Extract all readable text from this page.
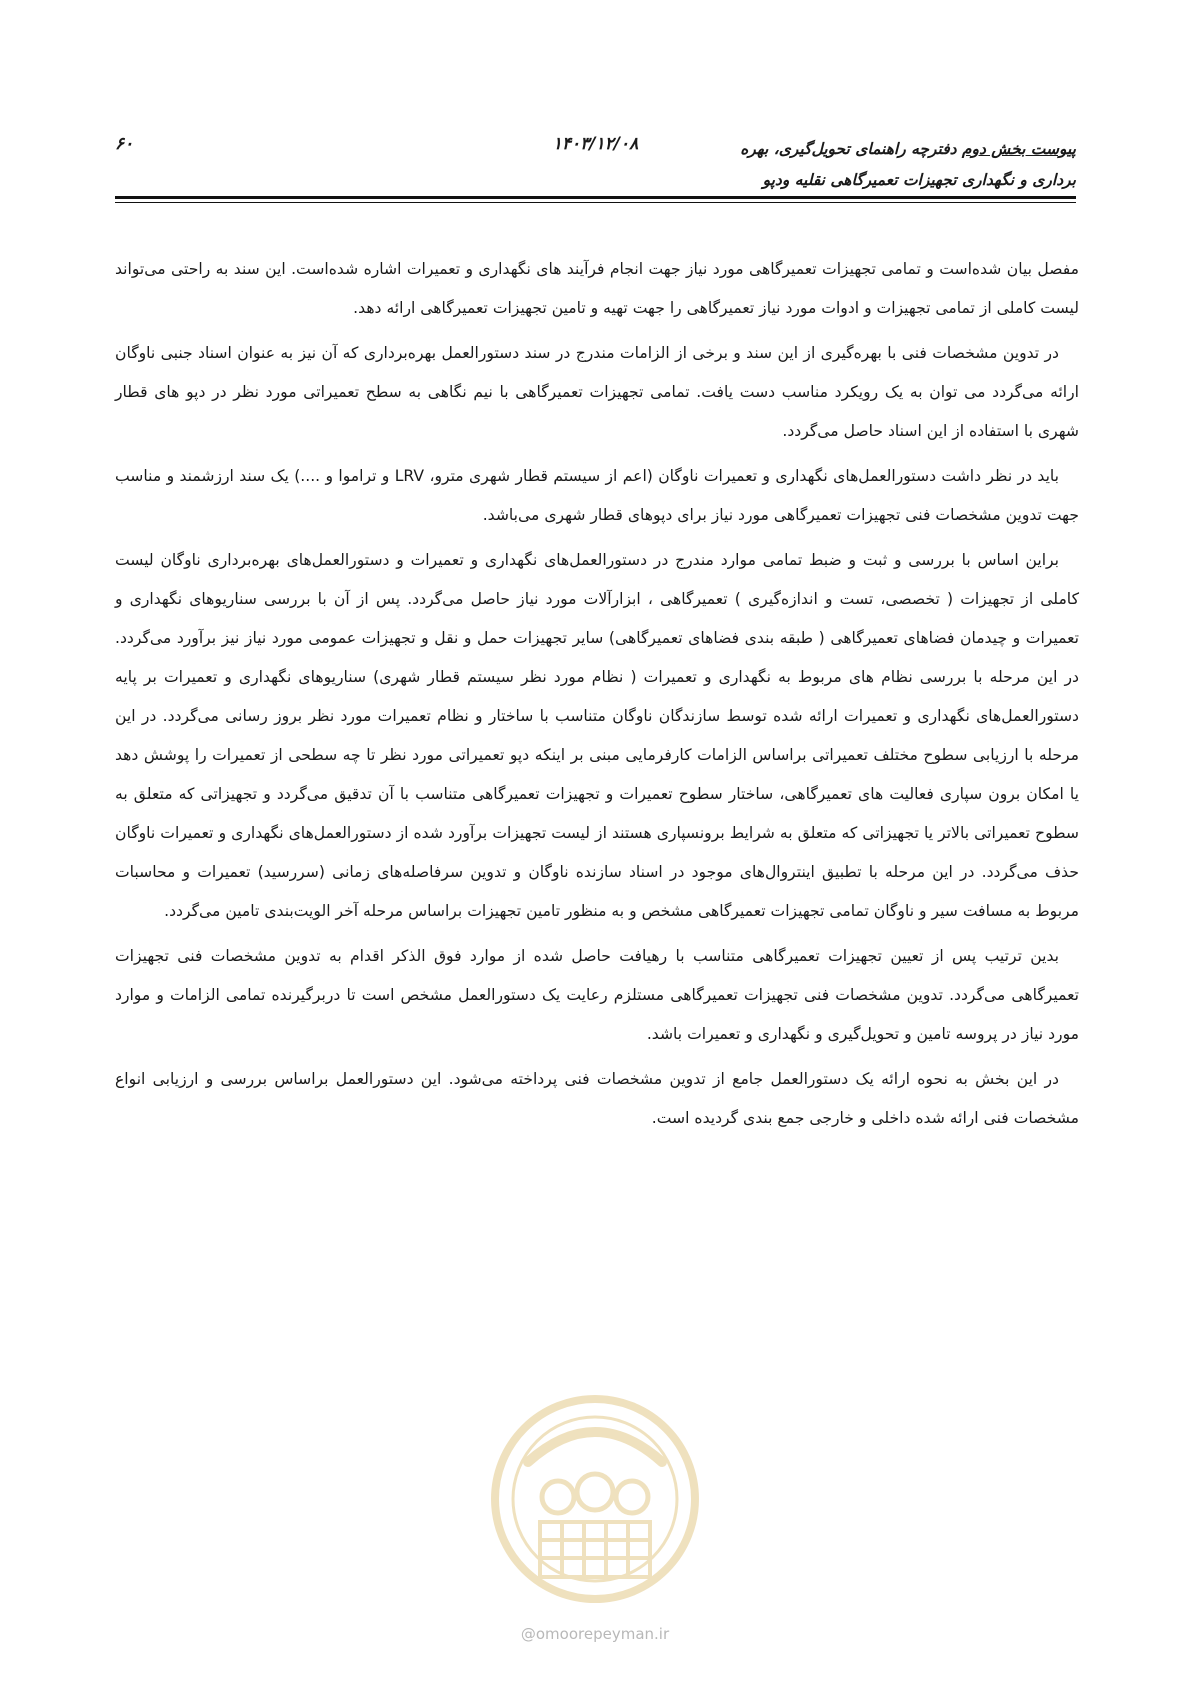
پیوست بخش دوم دفترچه راهنمای تحویل‌گیری، بهره
برداری و نگهداری تجهیزات تعمیرگاهی نقلیه ودپو
۱۴۰۳/۱۲/۰۸
۶۰

مفصل بیان شده‌است و تمامی تجهیزات تعمیرگاهی مورد نیاز جهت انجام فرآیند های نگهداری و تعمیرات اشاره شده‌است. این سند به راحتی می‌تواند لیست کاملی از تمامی تجهیزات و ادوات مورد نیاز تعمیرگاهی را جهت تهیه و تامین تجهیزات تعمیرگاهی ارائه دهد.

در تدوین مشخصات فنی با بهره‌گیری از این سند و برخی از الزامات مندرج در سند دستورالعمل بهره‌برداری که آن نیز به عنوان اسناد جنبی ناوگان ارائه می‌گردد می توان به یک رویکرد مناسب دست یافت. تمامی تجهیزات تعمیرگاهی با نیم نگاهی به سطح تعمیراتی مورد نظر در دپو های قطار شهری با استفاده از این اسناد حاصل می‌گردد.

باید در نظر داشت دستورالعمل‌های نگهداری و تعمیرات ناوگان (اعم از سیستم قطار شهری مترو، LRV و تراموا و ....) یک سند ارزشمند و مناسب جهت تدوین مشخصات فنی تجهیزات تعمیرگاهی مورد نیاز برای دپوهای قطار شهری می‌باشد.

براین اساس با بررسی و ثبت و ضبط تمامی موارد مندرج در دستورالعمل‌های نگهداری و تعمیرات و دستورالعمل‌های بهره‌برداری ناوگان لیست کاملی از تجهیزات ( تخصصی، تست و اندازه‌گیری ) تعمیرگاهی ، ابزارآلات مورد نیاز حاصل می‌گردد. پس از آن با بررسی سناریوهای نگهداری و تعمیرات و چیدمان فضاهای تعمیرگاهی ( طبقه بندی فضاهای تعمیرگاهی) سایر تجهیزات حمل و نقل و تجهیزات عمومی مورد نیاز نیز برآورد می‌گردد. در این مرحله با بررسی نظام های مربوط به نگهداری و تعمیرات ( نظام مورد نظر سیستم قطار شهری) سناریوهای نگهداری و تعمیرات بر پایه دستورالعمل‌های نگهداری و تعمیرات ارائه شده توسط سازندگان ناوگان متناسب با ساختار و نظام تعمیرات مورد نظر بروز رسانی می‌گردد. در این مرحله با ارزیابی سطوح مختلف تعمیراتی براساس الزامات کارفرمایی مبنی بر اینکه دپو تعمیراتی مورد نظر تا چه سطحی از تعمیرات را پوشش دهد یا امکان برون سپاری فعالیت های تعمیرگاهی، ساختار سطوح تعمیرات و تجهیزات تعمیرگاهی متناسب با آن تدقیق می‌گردد و تجهیزاتی که متعلق به سطوح تعمیراتی بالاتر یا تجهیزاتی که متعلق به شرایط برونسپاری هستند از لیست تجهیزات برآورد شده از دستورالعمل‌های نگهداری و تعمیرات ناوگان حذف می‌گردد. در این مرحله با تطبیق اینتروال‌های موجود در اسناد سازنده ناوگان و تدوین سرفاصله‌های زمانی (سررسید) تعمیرات و محاسبات مربوط به مسافت سیر و ناوگان تمامی تجهیزات تعمیرگاهی مشخص و به منظور تامین تجهیزات براساس مرحله آخر الویت‌بندی تامین می‌گردد.

بدین ترتیب پس از تعیین تجهیزات تعمیرگاهی متناسب با رهیافت حاصل شده از موارد فوق الذکر اقدام به تدوین مشخصات فنی تجهیزات تعمیرگاهی می‌گردد. تدوین مشخصات فنی تجهیزات تعمیرگاهی مستلزم رعایت یک دستورالعمل مشخص است تا دربرگیرنده تمامی الزامات و موارد مورد نیاز در پروسه تامین و تحویل‌گیری و نگهداری و تعمیرات باشد.

در این بخش به نحوه ارائه یک دستورالعمل جامع از تدوین مشخصات فنی پرداخته می‌شود. این دستورالعمل براساس بررسی و ارزیابی انواع مشخصات فنی ارائه شده داخلی و خارجی جمع بندی گردیده است.

@omoorepeyman.ir
